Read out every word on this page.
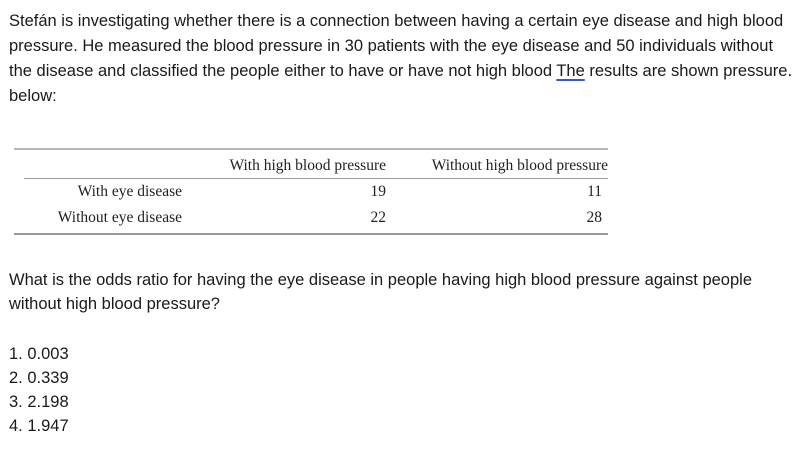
Stefán is investigating whether there is a connection between having a certain eye disease and high blood pressure. He measured the blood pressure in 30 patients with the eye disease and 50 individuals without the disease and classified the people either to have or have not high blood The results are shown pressure. below:

	With high blood pressure	Without high blood pressure
With eye disease	19	11
Without eye disease	22	28

What is the odds ratio for having the eye disease in people having high blood pressure against people without high blood pressure?

1. 0.003
2. 0.339
3. 2.198
4. 1.947
